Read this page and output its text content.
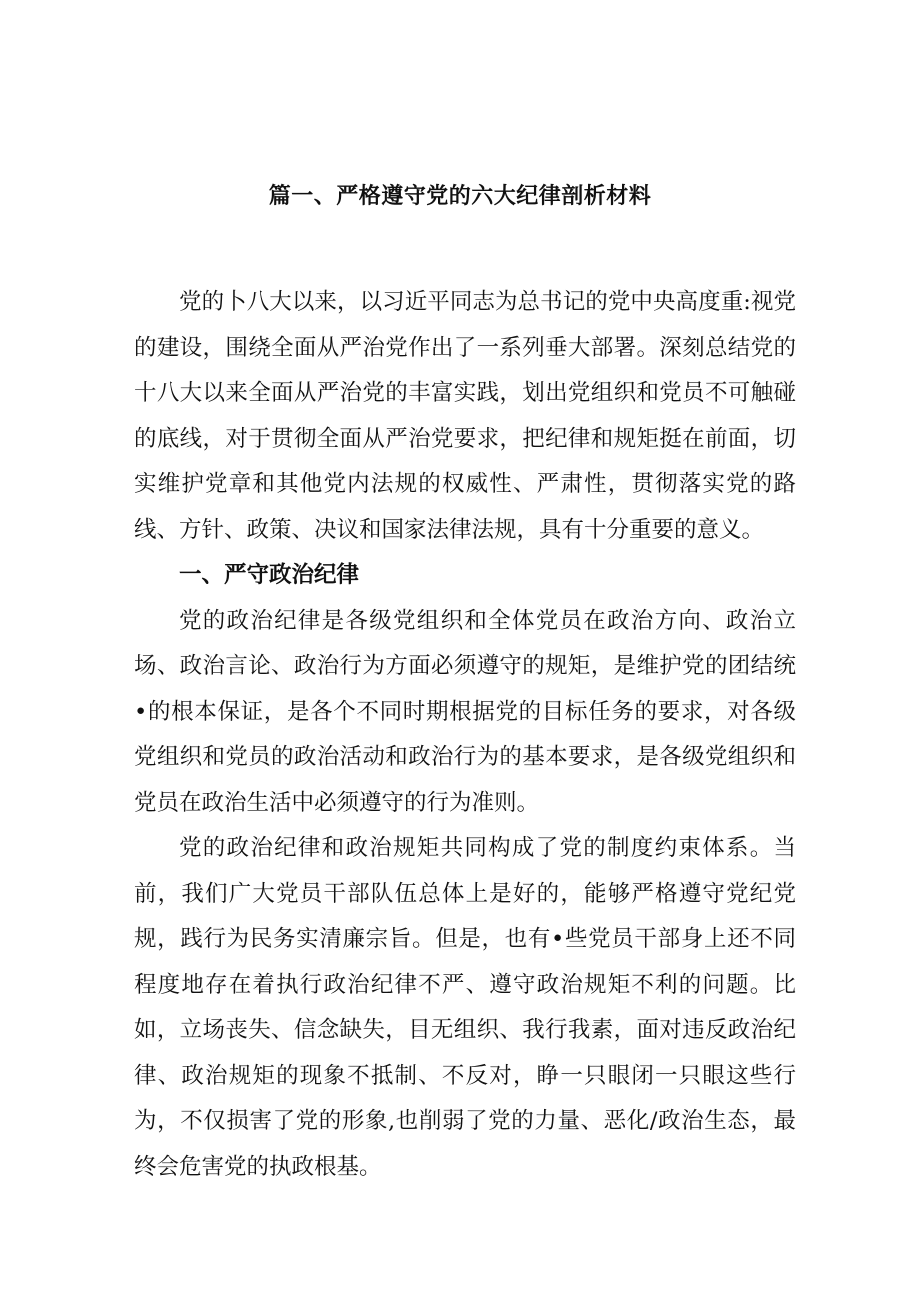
篇一、严格遵守党的六大纪律剖析材料

党的卜八大以来，以习近平同志为总书记的党中央高度重:视党的建设，围绕全面从严治党作出了一系列垂大部署。深刻总结党的十八大以来全面从严治党的丰富实践，划出党组织和党员不可触碰的底线，对于贯彻全面从严治党要求，把纪律和规矩挺在前面，切实维护党章和其他党内法规的权威性、严肃性，贯彻落实党的路线、方针、政策、决议和国家法律法规，具有十分重要的意义。

一、严守政治纪律

党的政治纪律是各级党组织和全体党员在政治方向、政治立场、政治言论、政治行为方面必须遵守的规矩，是维护党的团结统•的根本保证，是各个不同时期根据党的目标任务的要求，对各级党组织和党员的政治活动和政治行为的基本要求，是各级党组织和党员在政治生活中必须遵守的行为准则。

党的政治纪律和政治规矩共同构成了党的制度约束体系。当前，我们广大党员干部队伍总体上是好的，能够严格遵守党纪党规，践行为民务实清廉宗旨。但是，也有•些党员干部身上还不同程度地存在着执行政治纪律不严、遵守政治规矩不利的问题。比如，立场丧失、信念缺失，目无组织、我行我素，面对违反政治纪律、政治规矩的现象不抵制、不反对，睁一只眼闭一只眼这些行为，不仅损害了党的形象,也削弱了党的力量、恶化/政治生态，最终会危害党的执政根基。
